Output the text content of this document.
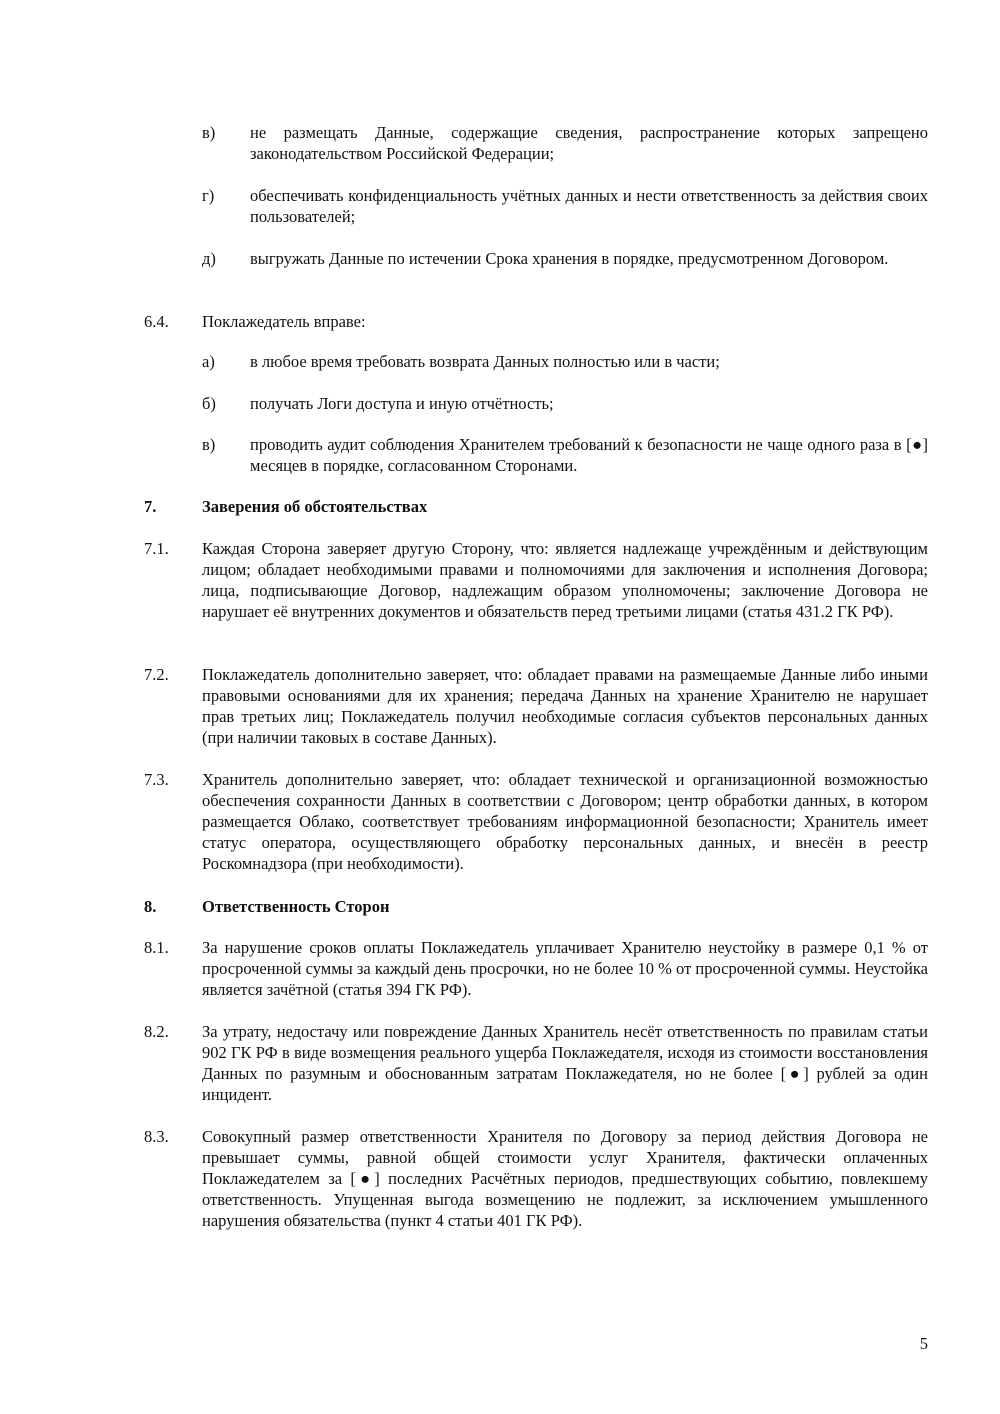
в)	не размещать Данные, содержащие сведения, распространение которых запрещено законодательством Российской Федерации;

г)	обеспечивать конфиденциальность учётных данных и нести ответственность за действия своих пользователей;

д)	выгружать Данные по истечении Срока хранения в порядке, предусмотренном Договором.

6.4.	Поклажедатель вправе:

а)	в любое время требовать возврата Данных полностью или в части;

б)	получать Логи доступа и иную отчётность;

в)	проводить аудит соблюдения Хранителем требований к безопасности не чаще одного раза в [●] месяцев в порядке, согласованном Сторонами.

7.	Заверения об обстоятельствах

7.1.	Каждая Сторона заверяет другую Сторону, что: является надлежаще учреждённым и действующим лицом; обладает необходимыми правами и полномочиями для заключения и исполнения Договора; лица, подписывающие Договор, надлежащим образом уполномочены; заключение Договора не нарушает её внутренних документов и обязательств перед третьими лицами (статья 431.2 ГК РФ).

7.2.	Поклажедатель дополнительно заверяет, что: обладает правами на размещаемые Данные либо иными правовыми основаниями для их хранения; передача Данных на хранение Хранителю не нарушает прав третьих лиц; Поклажедатель получил необходимые согласия субъектов персональных данных (при наличии таковых в составе Данных).

7.3.	Хранитель дополнительно заверяет, что: обладает технической и организационной возможностью обеспечения сохранности Данных в соответствии с Договором; центр обработки данных, в котором размещается Облако, соответствует требованиям информационной безопасности; Хранитель имеет статус оператора, осуществляющего обработку персональных данных, и внесён в реестр Роскомнадзора (при необходимости).

8.	Ответственность Сторон

8.1.	За нарушение сроков оплаты Поклажедатель уплачивает Хранителю неустойку в размере 0,1 % от просроченной суммы за каждый день просрочки, но не более 10 % от просроченной суммы. Неустойка является зачётной (статья 394 ГК РФ).

8.2.	За утрату, недостачу или повреждение Данных Хранитель несёт ответственность по правилам статьи 902 ГК РФ в виде возмещения реального ущерба Поклажедателя, исходя из стоимости восстановления Данных по разумным и обоснованным затратам Поклажедателя, но не более [●] рублей за один инцидент.

8.3.	Совокупный размер ответственности Хранителя по Договору за период действия Договора не превышает суммы, равной общей стоимости услуг Хранителя, фактически оплаченных Поклажедателем за [●] последних Расчётных периодов, предшествующих событию, повлекшему ответственность. Упущенная выгода возмещению не подлежит, за исключением умышленного нарушения обязательства (пункт 4 статьи 401 ГК РФ).

5
